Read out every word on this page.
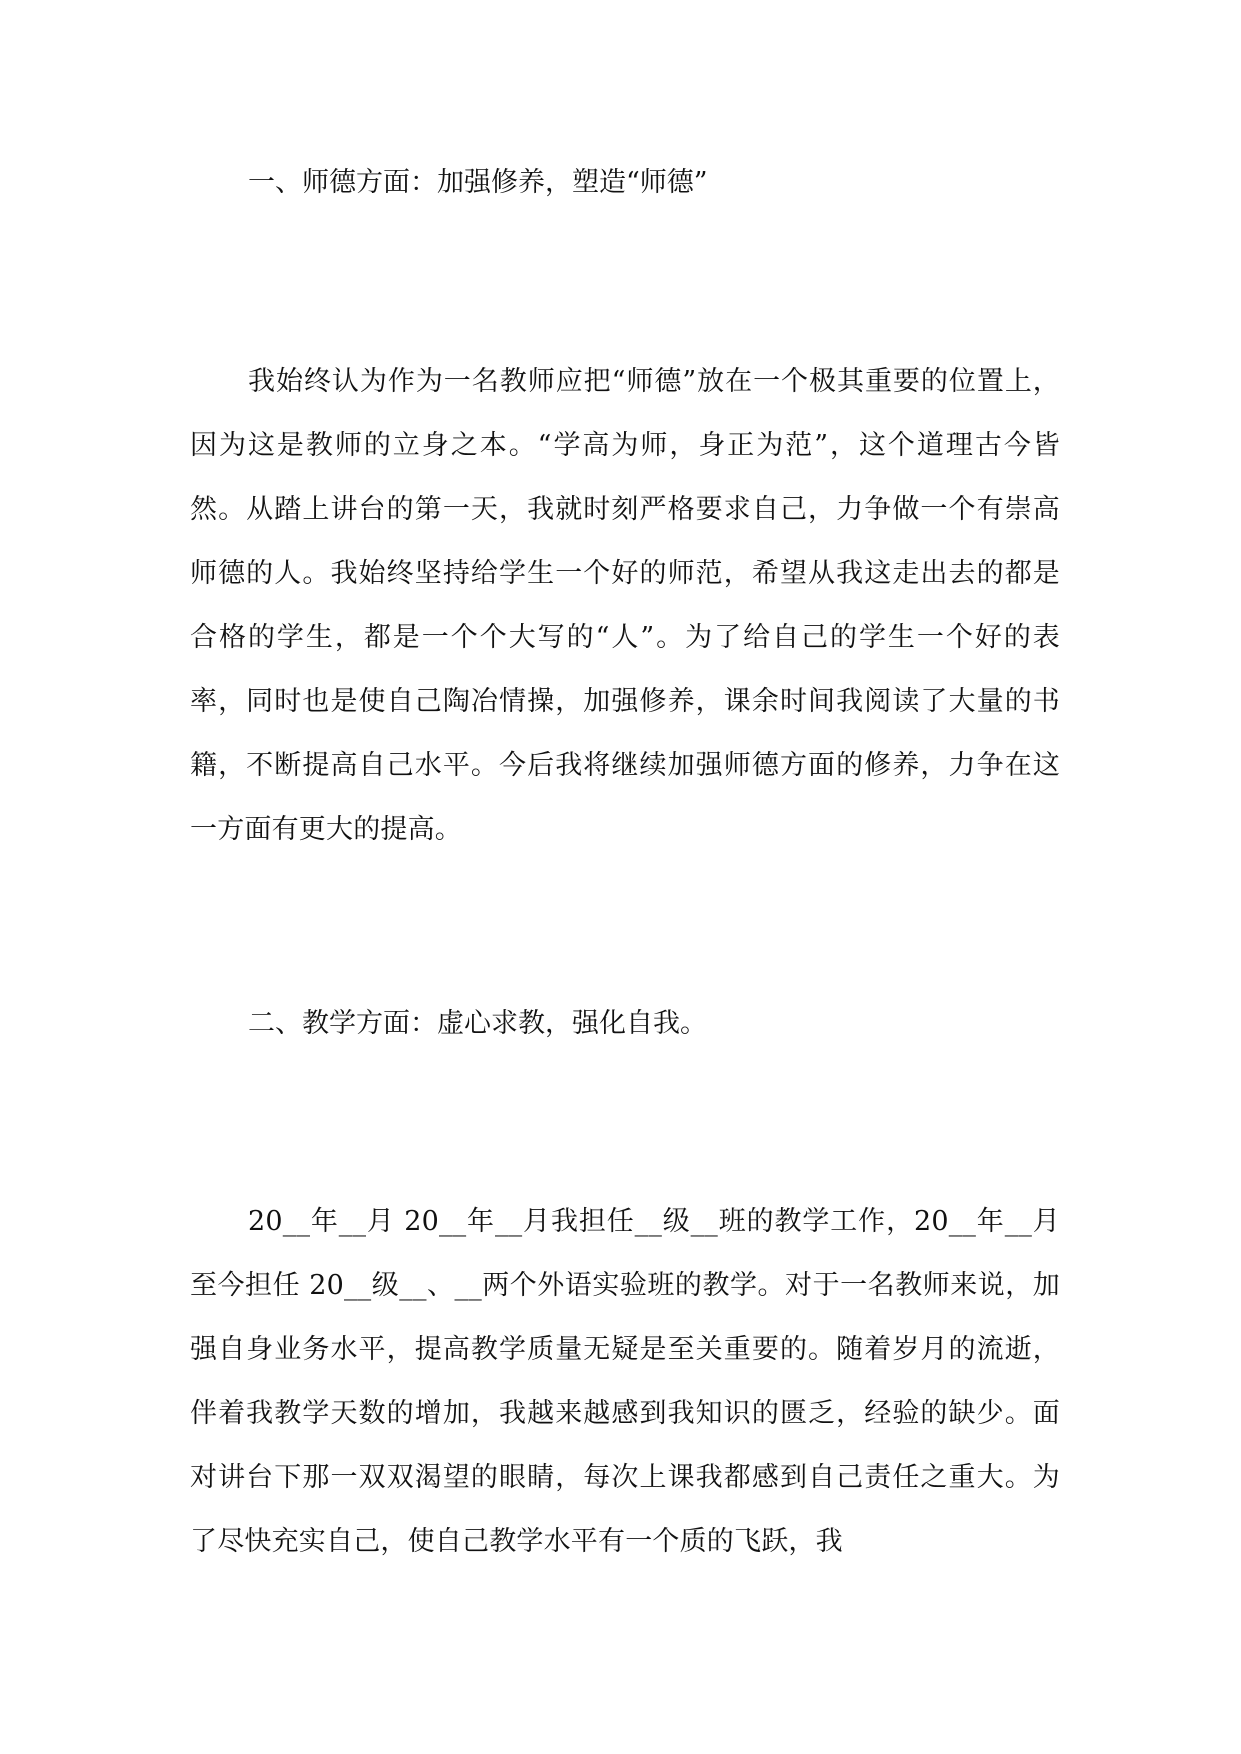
一、师德方面：加强修养，塑造“师德”

我始终认为作为一名教师应把“师德”放在一个极其重要的位置上，因为这是教师的立身之本。“学高为师，身正为范”，这个道理古今皆然。从踏上讲台的第一天，我就时刻严格要求自己，力争做一个有崇高师德的人。我始终坚持给学生一个好的师范，希望从我这走出去的都是合格的学生，都是一个个大写的“人”。为了给自己的学生一个好的表率，同时也是使自己陶冶情操，加强修养，课余时间我阅读了大量的书籍，不断提高自己水平。今后我将继续加强师德方面的修养，力争在这一方面有更大的提高。

二、教学方面：虚心求教，强化自我。

20__年__月 20__年__月我担任__级__班的教学工作，20__年__月至今担任 20__级__、__两个外语实验班的教学。对于一名教师来说，加强自身业务水平，提高教学质量无疑是至关重要的。随着岁月的流逝，伴着我教学天数的增加，我越来越感到我知识的匮乏，经验的缺少。面对讲台下那一双双渴望的眼睛，每次上课我都感到自己责任之重大。为了尽快充实自己，使自己教学水平有一个质的飞跃，我
